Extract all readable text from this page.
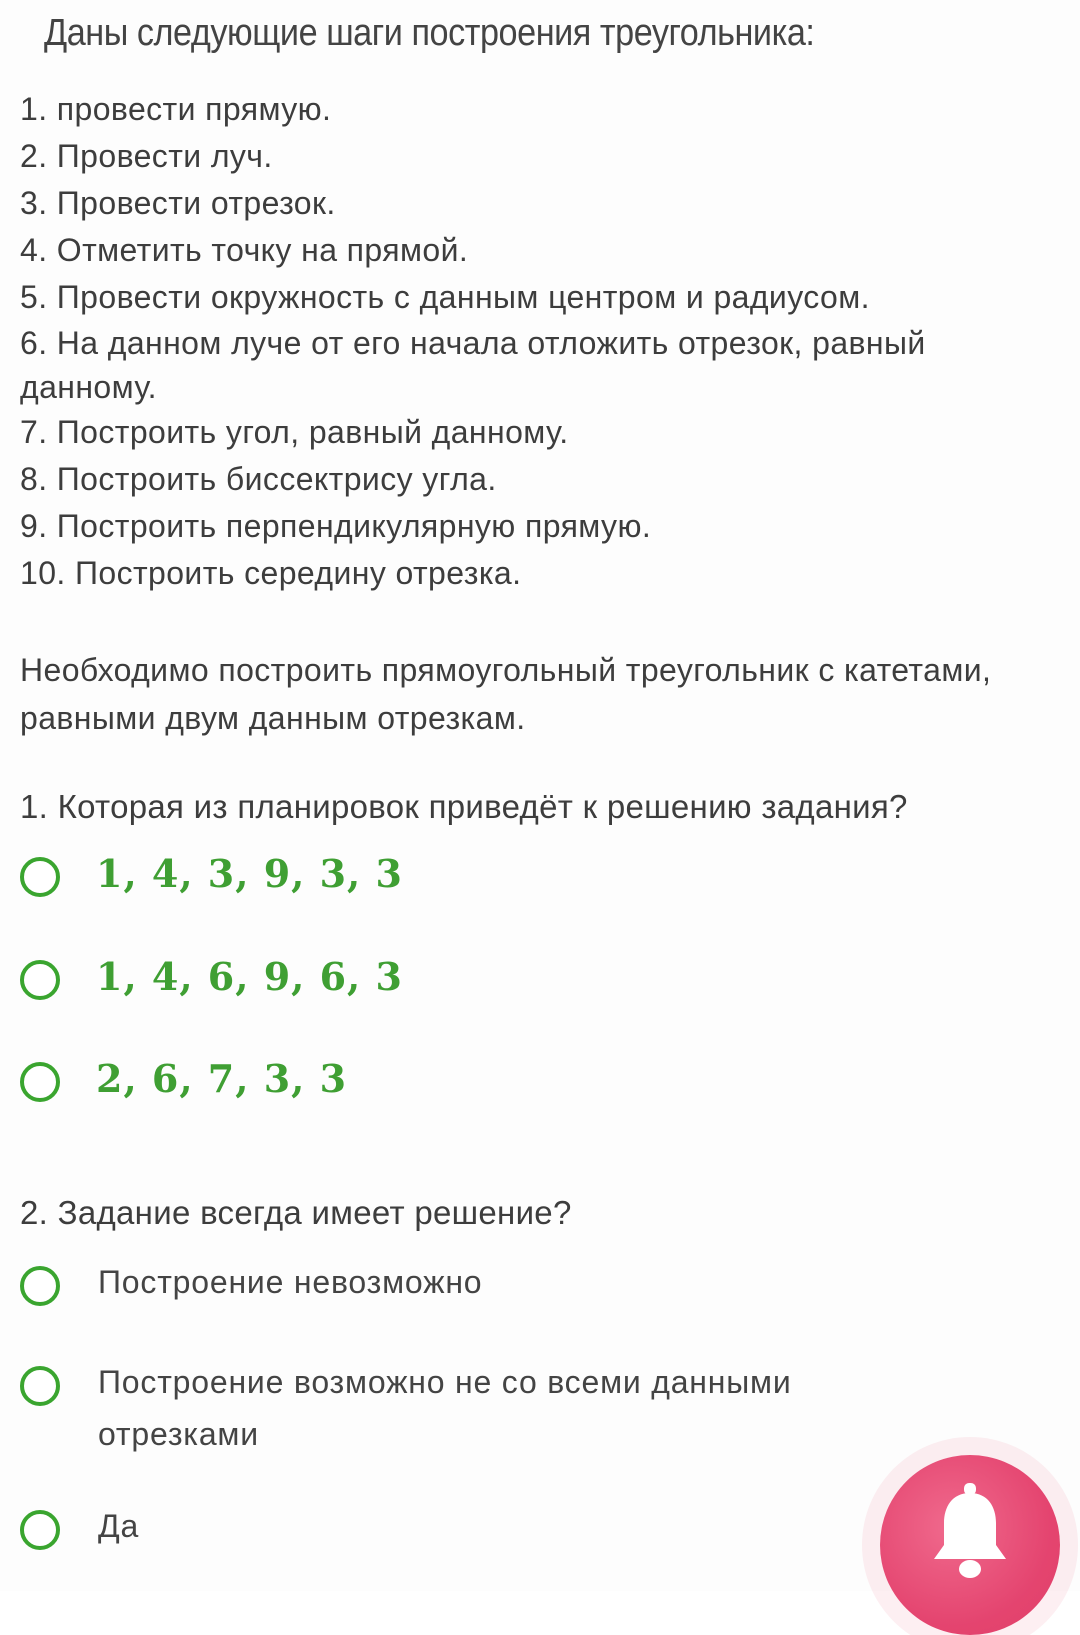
Даны следующие шаги построения треугольника:
1. провести прямую.
2. Провести луч.
3. Провести отрезок.
4. Отметить точку на прямой.
5. Провести окружность с данным центром и радиусом.
6. На данном луче от его начала отложить отрезок, равный данному.
7. Построить угол, равный данному.
8. Построить биссектрису угла.
9. Построить перпендикулярную прямую.
10. Построить середину отрезка.
Необходимо построить прямоугольный треугольник с катетами, равными двум данным отрезкам.
1. Которая из планировок приведёт к решению задания?
1, 4, 3, 9, 3, 3
1, 4, 6, 9, 6, 3
2, 6, 7, 3, 3
2. Задание всегда имеет решение?
Построение невозможно
Построение возможно не со всеми данными отрезками
Да
